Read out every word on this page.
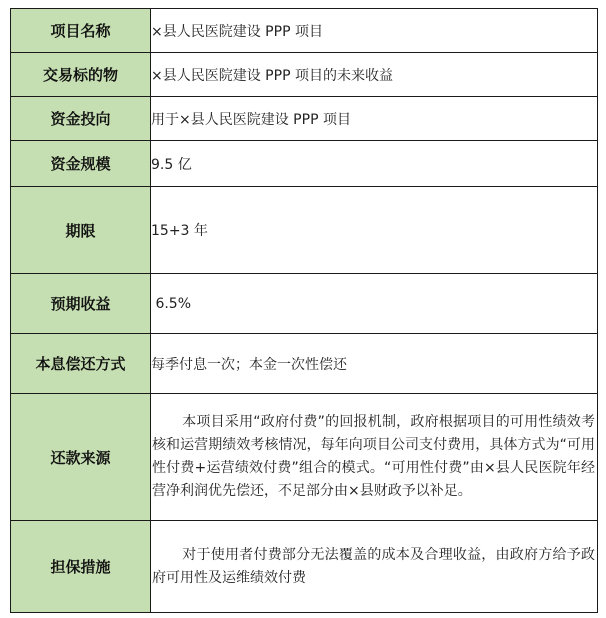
项目名称	×县人民医院建设 PPP 项目
交易标的物	×县人民医院建设 PPP 项目的未来收益
资金投向	用于×县人民医院建设 PPP 项目
资金规模	9.5 亿
期限	15+3 年
预期收益	6.5%
本息偿还方式	每季付息一次；本金一次性偿还
还款来源	本项目采用“政府付费”的回报机制，政府根据项目的可用性绩效考核和运营期绩效考核情况，每年向项目公司支付费用，具体方式为“可用性付费+运营绩效付费”组合的模式。“可用性付费”由×县人民医院年经营净利润优先偿还，不足部分由×县财政予以补足。
担保措施	对于使用者付费部分无法覆盖的成本及合理收益，由政府方给予政府可用性及运维绩效付费
